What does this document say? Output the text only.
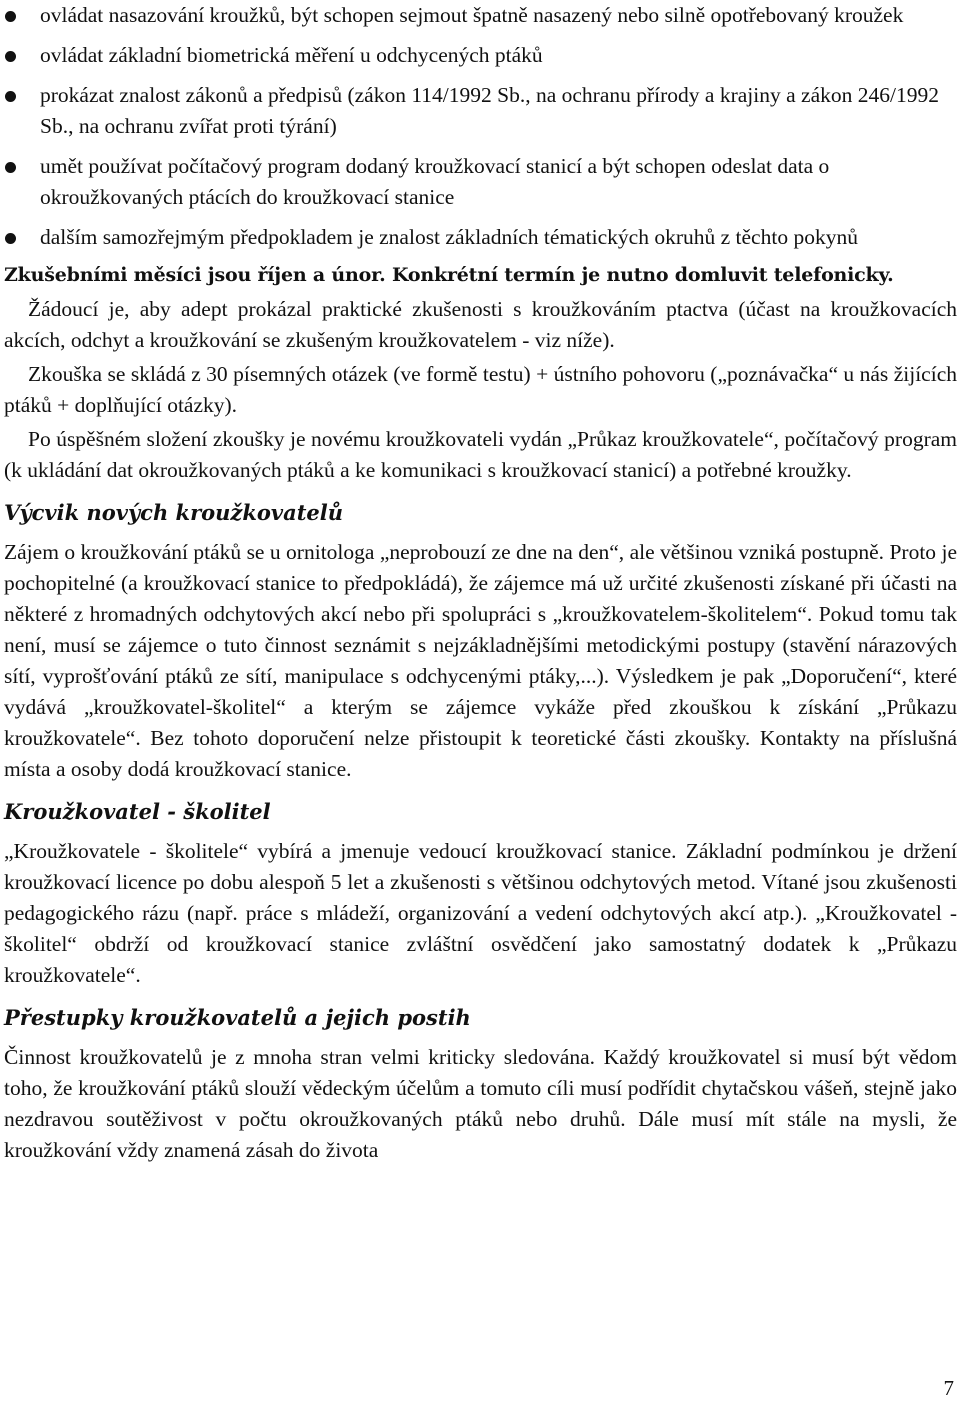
ovládat nasazování kroužků, být schopen sejmout špatně nasazený nebo silně opotřebovaný kroužek
ovládat základní biometrická měření u odchycených ptáků
prokázat znalost zákonů a předpisů (zákon 114/1992 Sb., na ochranu přírody a krajiny a zákon 246/1992 Sb., na ochranu zvířat proti týrání)
umět používat počítačový program dodaný kroužkovací stanicí a být schopen odeslat data o okroužkovaných ptácích do kroužkovací stanice
dalším samozřejmým předpokladem je znalost základních tématických okruhů z těchto pokynů
Zkušebními měsíci jsou říjen a únor. Konkrétní termín je nutno domluvit telefonicky.

Žádoucí je, aby adept prokázal praktické zkušenosti s kroužkováním ptactva (účast na kroužkovacích akcích, odchyt a kroužkování se zkušeným kroužkovatelem - viz níže).

Zkouška se skládá z 30 písemných otázek (ve formě testu) + ústního pohovoru („poznávačka“ u nás žijících ptáků + doplňující otázky).

Po úspěšném složení zkoušky je novému kroužkovateli vydán „Průkaz kroužkovatele“, počítačový program (k ukládání dat okroužkovaných ptáků a ke komunikaci s kroužkovací stanicí) a potřebné kroužky.

Výcvik nových kroužkovatelů

Zájem o kroužkování ptáků se u ornitologa „neprobouzí ze dne na den“, ale většinou vzniká postupně. Proto je pochopitelné (a kroužkovací stanice to předpokládá), že zájemce má už určité zkušenosti získané při účasti na některé z hromadných odchytových akcí nebo při spolupráci s „kroužkovatelem-školitelem“. Pokud tomu tak není, musí se zájemce o tuto činnost seznámit s nejzákladnějšími metodickými postupy (stavění nárazových sítí, vyprošťování ptáků ze sítí, manipulace s odchycenými ptáky,...). Výsledkem je pak „Doporučení“, které vydává „kroužkovatel-školitel“ a kterým se zájemce vykáže před zkouškou k získání „Průkazu kroužkovatele“. Bez tohoto doporučení nelze přistoupit k teoretické části zkoušky. Kontakty na příslušná místa a osoby dodá kroužkovací stanice.

Kroužkovatel - školitel

„Kroužkovatele - školitele“ vybírá a jmenuje vedoucí kroužkovací stanice. Základní podmínkou je držení kroužkovací licence po dobu alespoň 5 let a zkušenosti s většinou odchytových metod. Vítané jsou zkušenosti pedagogického rázu (např. práce s mládeží, organizování a vedení odchytových akcí atp.). „Kroužkovatel - školitel“ obdrží od kroužkovací stanice zvláštní osvědčení jako samostatný dodatek k „Průkazu kroužkovatele“.

Přestupky kroužkovatelů a jejich postih

Činnost kroužkovatelů je z mnoha stran velmi kriticky sledována. Každý kroužkovatel si musí být vědom toho, že kroužkování ptáků slouží vědeckým účelům a tomuto cíli musí podřídit chytačskou vášeň, stejně jako nezdravou soutěživost v počtu okroužkovaných ptáků nebo druhů. Dále musí mít stále na mysli, že kroužkování vždy znamená zásah do života

7
